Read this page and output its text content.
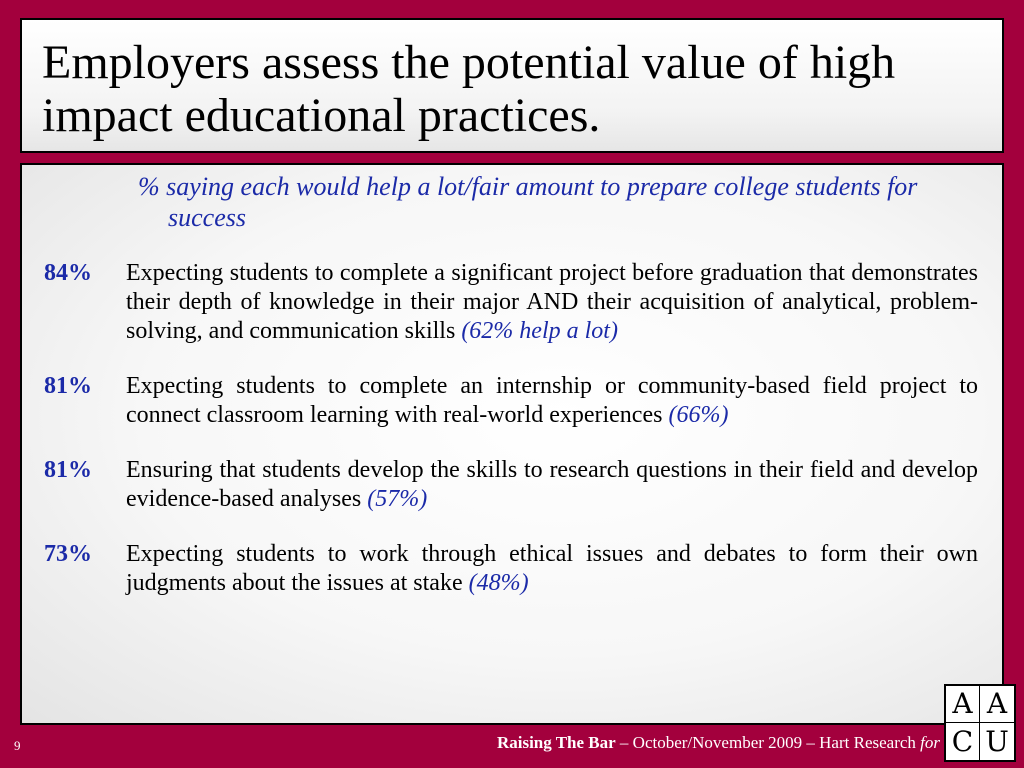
Employers assess the potential value of high impact educational practices.

% saying each would help a lot/fair amount to prepare college students for success

84%	Expecting students to complete a significant project before graduation that demonstrates their depth of knowledge in their major AND their acquisition of analytical, problem-solving, and communication skills (62% help a lot)
81%	Expecting students to complete an internship or community-based field project to connect classroom learning with real-world experiences (66%)
81%	Ensuring that students develop the skills to research questions in their field and develop evidence-based analyses (57%)
73%	Expecting students to work through ethical issues and debates to form their own judgments about the issues at stake (48%)
9	Raising The Bar – October/November 2009 – Hart Research for
A A
C U
